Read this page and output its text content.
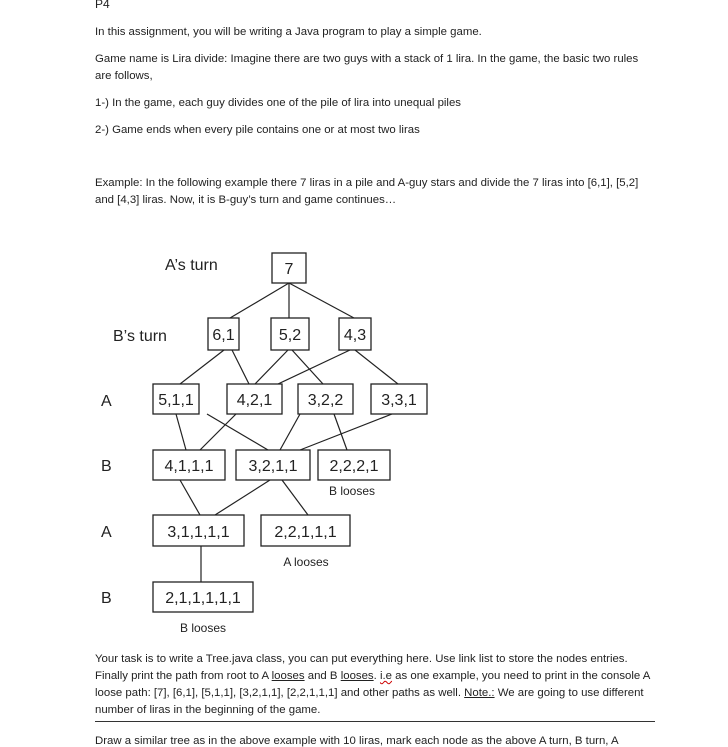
P4

In this assignment, you will be writing a Java program to play a simple game.

Game name is Lira divide: Imagine there are two guys with a stack of 1 lira. In the game, the basic two rules are follows,

1-) In the game, each guy divides one of the pile of lira into unequal piles

2-) Game ends when every pile contains one or at most two liras

Example: In the following example there 7 liras in a pile and A-guy stars and divide the 7 liras into [6,1], [5,2] and [4,3] liras. Now, it is B-guy’s turn and game continues…

7
6,1	5,2	4,3
5,1,1	4,2,1 3,2,2 3,3,1
4,1,1,1 3,2,1,1 2,2,2,1
3,1,1,1,1	2,2,1,1,1
2,1,1,1,1,1
A’s turn
B’s turn
A
B
A
B
B looses
A looses
B looses

Your task is to write a Tree.java class, you can put everything here. Use link list to store the nodes entries. Finally print the path from root to A looses and B looses. i.e as one example, you need to print in the console A loose path: [7], [6,1], [5,1,1], [3,2,1,1], [2,2,1,1,1] and other paths as well. Note.: We are going to use different number of liras in the beginning of the game.

Draw a similar tree as in the above example with 10 liras, mark each node as the above A turn, B turn, A
